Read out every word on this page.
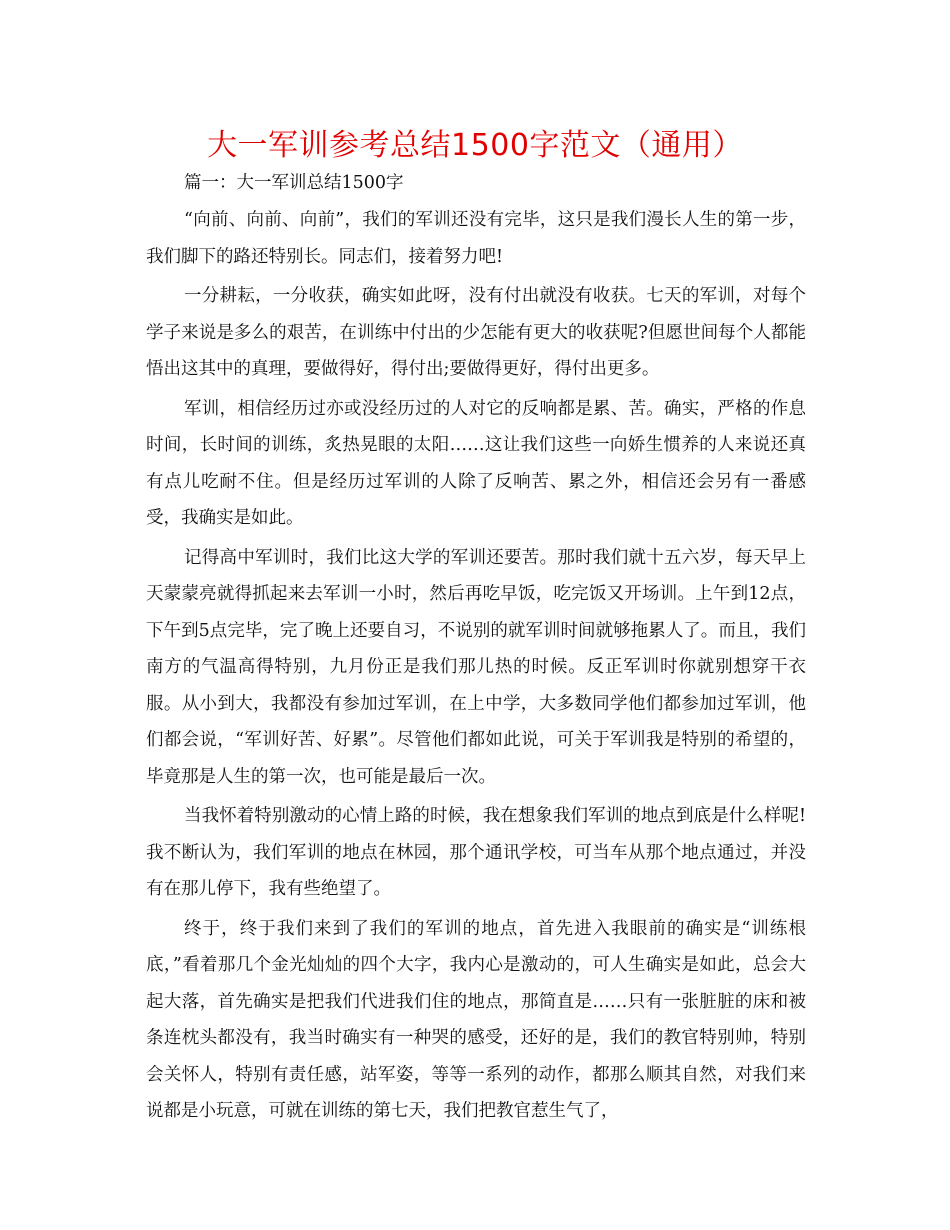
大一军训参考总结1500字范文（通用）

篇一：大一军训总结1500字

“向前、向前、向前”，我们的军训还没有完毕，这只是我们漫长人生的第一步，我们脚下的路还特别长。同志们，接着努力吧!

一分耕耘，一分收获，确实如此呀，没有付出就没有收获。七天的军训，对每个学子来说是多么的艰苦，在训练中付出的少怎能有更大的收获呢?但愿世间每个人都能悟出这其中的真理，要做得好，得付出;要做得更好，得付出更多。

军训，相信经历过亦或没经历过的人对它的反响都是累、苦。确实，严格的作息时间，长时间的训练，炙热晃眼的太阳……这让我们这些一向娇生惯养的人来说还真有点儿吃耐不住。但是经历过军训的人除了反响苦、累之外，相信还会另有一番感受，我确实是如此。

记得高中军训时，我们比这大学的军训还要苦。那时我们就十五六岁，每天早上天蒙蒙亮就得抓起来去军训一小时，然后再吃早饭，吃完饭又开场训。上午到12点，下午到5点完毕，完了晚上还要自习，不说别的就军训时间就够拖累人了。而且，我们南方的气温高得特别，九月份正是我们那儿热的时候。反正军训时你就别想穿干衣服。从小到大，我都没有参加过军训，在上中学，大多数同学他们都参加过军训，他们都会说，“军训好苦、好累”。尽管他们都如此说，可关于军训我是特别的希望的，毕竟那是人生的第一次，也可能是最后一次。

当我怀着特别激动的心情上路的时候，我在想象我们军训的地点到底是什么样呢!我不断认为，我们军训的地点在林园，那个通讯学校，可当车从那个地点通过，并没有在那儿停下，我有些绝望了。

终于，终于我们来到了我们的军训的地点，首先进入我眼前的确实是“训练根底，”看着那几个金光灿灿的四个大字，我内心是激动的，可人生确实是如此，总会大起大落，首先确实是把我们代进我们住的地点，那简直是……只有一张脏脏的床和被条连枕头都没有，我当时确实有一种哭的感受，还好的是，我们的教官特别帅，特别会关怀人，特别有责任感，站军姿，等等一系列的动作，都那么顺其自然，对我们来说都是小玩意，可就在训练的第七天，我们把教官惹生气了，
